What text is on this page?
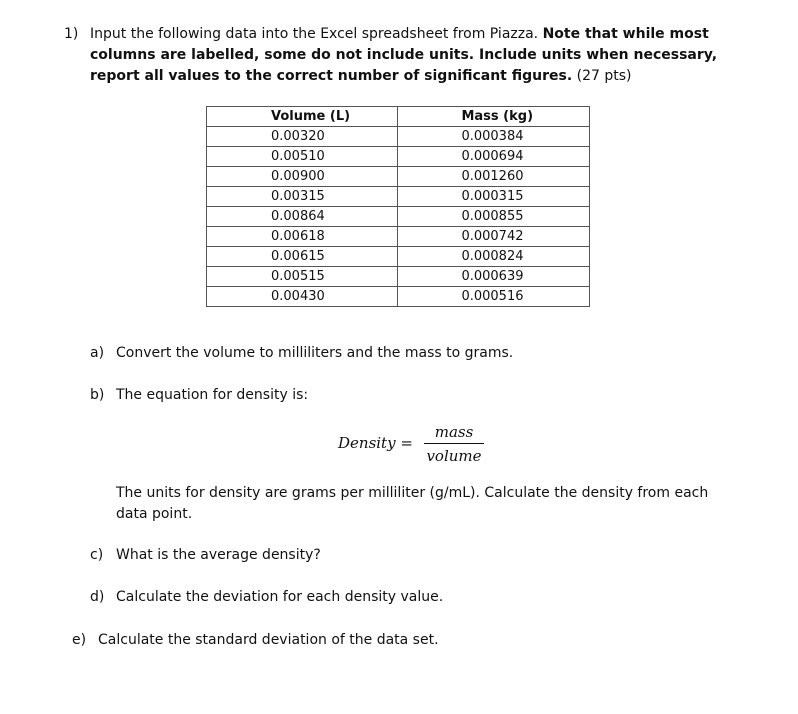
1) Input the following data into the Excel spreadsheet from Piazza. Note that while most columns are labelled, some do not include units. Include units when necessary, report all values to the correct number of significant figures. (27 pts)
Volume (L)	Mass (kg)
0.00320	0.000384
0.00510	0.000694
0.00900	0.001260
0.00315	0.000315
0.00864	0.000855
0.00618	0.000742
0.00615	0.000824
0.00515	0.000639
0.00430	0.000516
a) Convert the volume to milliliters and the mass to grams.
b) The equation for density is:
Density =
mass
volume
The units for density are grams per milliliter (g/mL). Calculate the density from each data point.
c) What is the average density?
d) Calculate the deviation for each density value.
e) Calculate the standard deviation of the data set.
